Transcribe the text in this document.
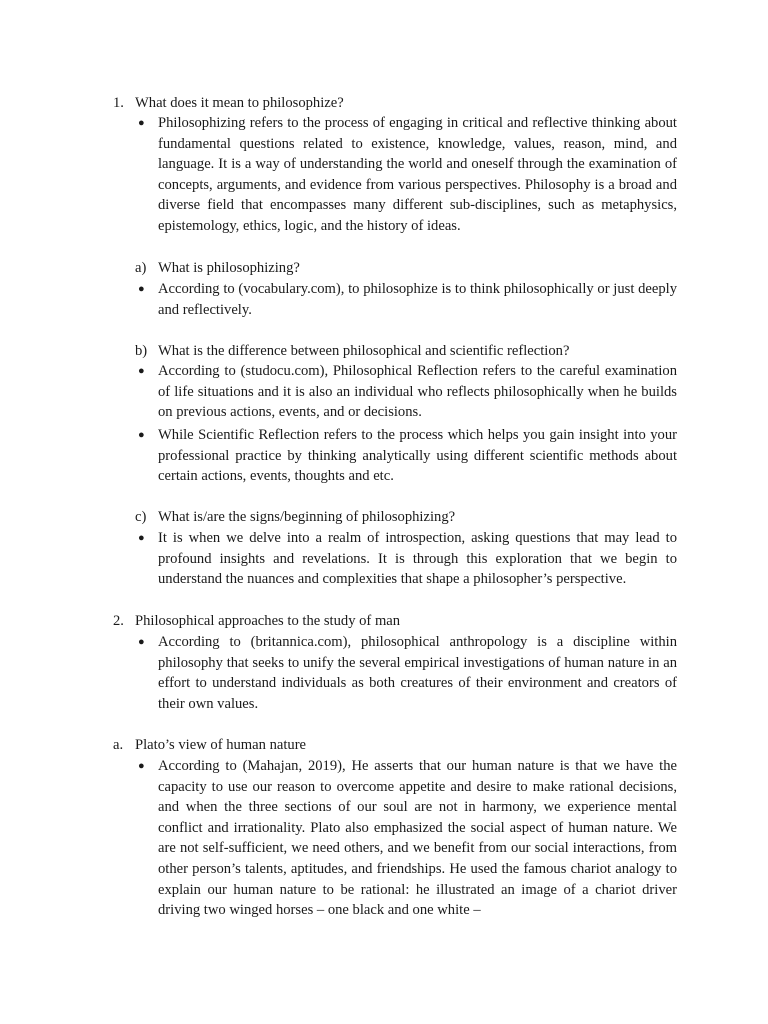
1. What does it mean to philosophize?
● Philosophizing refers to the process of engaging in critical and reflective thinking about fundamental questions related to existence, knowledge, values, reason, mind, and language. It is a way of understanding the world and oneself through the examination of concepts, arguments, and evidence from various perspectives. Philosophy is a broad and diverse field that encompasses many different sub-disciplines, such as metaphysics, epistemology, ethics, logic, and the history of ideas.
a) What is philosophizing?
● According to (vocabulary.com), to philosophize is to think philosophically or just deeply and reflectively.
b) What is the difference between philosophical and scientific reflection?
● According to (studocu.com), Philosophical Reflection refers to the careful examination of life situations and it is also an individual who reflects philosophically when he builds on previous actions, events, and or decisions.
● While Scientific Reflection refers to the process which helps you gain insight into your professional practice by thinking analytically using different scientific methods about certain actions, events, thoughts and etc.
c) What is/are the signs/beginning of philosophizing?
● It is when we delve into a realm of introspection, asking questions that may lead to profound insights and revelations. It is through this exploration that we begin to understand the nuances and complexities that shape a philosopher’s perspective.
2. Philosophical approaches to the study of man
● According to (britannica.com), philosophical anthropology is a discipline within philosophy that seeks to unify the several empirical investigations of human nature in an effort to understand individuals as both creatures of their environment and creators of their own values.
a. Plato’s view of human nature
● According to (Mahajan, 2019), He asserts that our human nature is that we have the capacity to use our reason to overcome appetite and desire to make rational decisions, and when the three sections of our soul are not in harmony, we experience mental conflict and irrationality. Plato also emphasized the social aspect of human nature. We are not self-sufficient, we need others, and we benefit from our social interactions, from other person’s talents, aptitudes, and friendships. He used the famous chariot analogy to explain our human nature to be rational: he illustrated an image of a chariot driver driving two winged horses – one black and one white –
